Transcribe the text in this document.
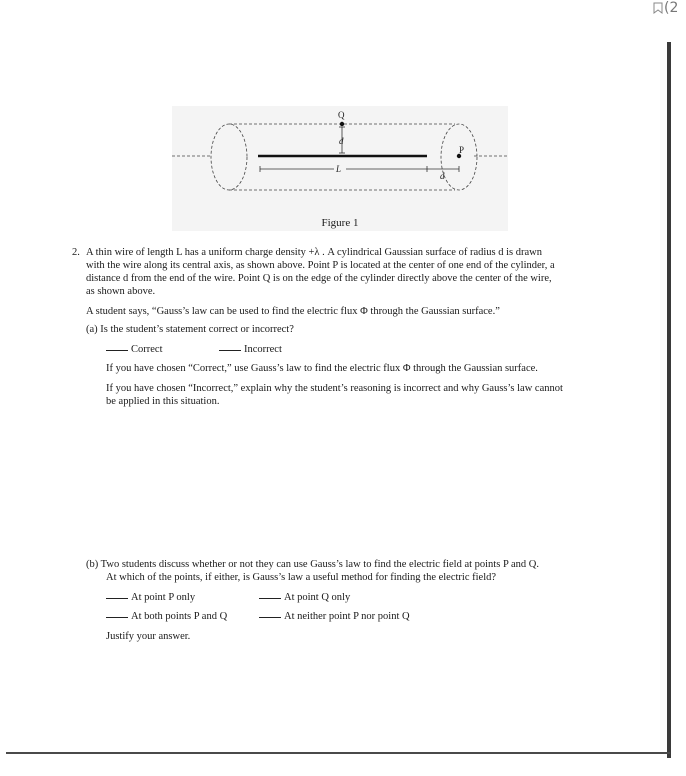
(2
Q
d
P
L
d
Figure 1
2. A thin wire of length L has a uniform charge density +λ . A cylindrical Gaussian surface of radius d is drawn
with the wire along its central axis, as shown above. Point P is located at the center of one end of the cylinder, a
distance d from the end of the wire. Point Q is on the edge of the cylinder directly above the center of the wire,
as shown above.
A student says, “Gauss’s law can be used to find the electric flux Φ through the Gaussian surface.”
(a) Is the student’s statement correct or incorrect?
Correct	Incorrect
If you have chosen “Correct,” use Gauss’s law to find the electric flux Φ through the Gaussian surface.
If you have chosen “Incorrect,” explain why the student’s reasoning is incorrect and why Gauss’s law cannot
be applied in this situation.
(b) Two students discuss whether or not they can use Gauss’s law to find the electric field at points P and Q.
At which of the points, if either, is Gauss’s law a useful method for finding the electric field?
At point P only	At point Q only
At both points P and Q	At neither point P nor point Q
Justify your answer.
